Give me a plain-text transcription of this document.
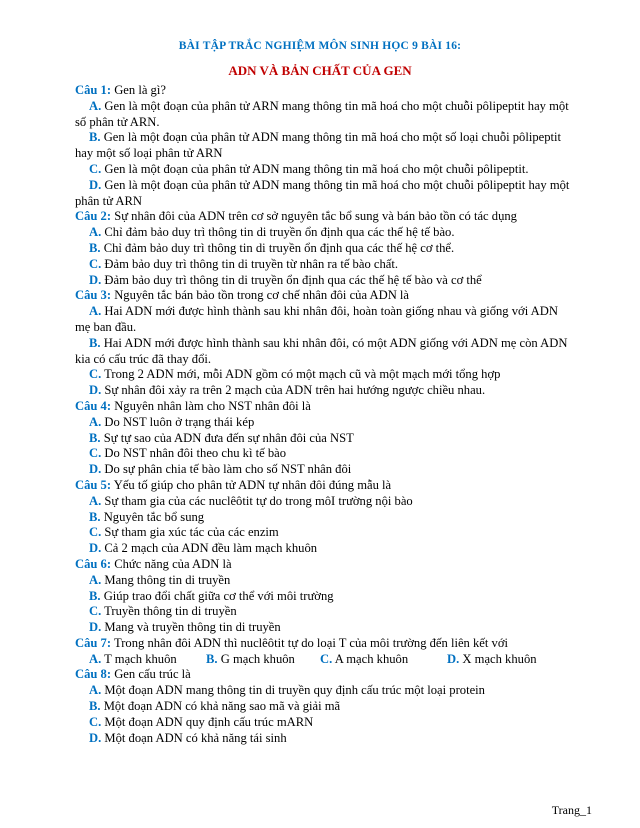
BÀI TẬP TRẮC NGHIỆM MÔN SINH HỌC 9 BÀI 16:
ADN VÀ BẢN CHẤT CỦA GEN
Câu 1: Gen là gì?
A. Gen là một đoạn của phân tử ARN mang thông tin mã hoá cho một chuỗi pôlipeptit hay một số phân tử ARN.
B. Gen là một đoạn của phân tử ADN mang thông tin mã hoá cho một số loại chuỗi pôlipeptit hay một số loại phân tử ARN
C. Gen là một đoạn của phân tử ADN mang thông tin mã hoá cho một chuỗi pôlipeptit.
D. Gen là một đoạn của phân tử ADN mang thông tin mã hoá cho một chuỗi pôlipeptit hay một phân tử ARN
Câu 2: Sự nhân đôi của ADN trên cơ sở nguyên tắc bổ sung và bán bảo tồn có tác dụng
A. Chỉ đảm bảo duy trì thông tin di truyền ổn định qua các thế hệ tế bào.
B. Chỉ đảm bảo duy trì thông tin di truyền ổn định qua các thế hệ cơ thể.
C. Đảm bảo duy trì thông tin di truyền từ nhân ra tế bào chất.
D. Đảm bảo duy trì thông tin di truyền ổn định qua các thế hệ tế bào và cơ thể
Câu 3: Nguyên tắc bán bảo tồn trong cơ chế nhân đôi của ADN là
A. Hai ADN mới được hình thành sau khi nhân đôi, hoàn toàn giống nhau và giống với ADN mẹ ban đầu.
B. Hai ADN mới được hình thành sau khi nhân đôi, có một ADN giống với ADN mẹ còn ADN kia có cấu trúc đã thay đổi.
C. Trong 2 ADN mới, mỗi ADN gồm có một mạch cũ và một mạch mới tổng hợp
D. Sự nhân đôi xảy ra trên 2 mạch của ADN trên hai hướng ngược chiều nhau.
Câu 4: Nguyên nhân làm cho NST nhân đôi là
A. Do NST luôn ở trạng thái kép
B. Sự tự sao của ADN đưa đến sự nhân đôi của NST
C. Do NST nhân đôi theo chu kì tế bào
D. Do sự phân chia tế bào làm cho số NST nhân đôi
Câu 5: Yếu tố giúp cho phân tử ADN tự nhân đôi đúng mẫu là
A. Sự tham gia của các nuclêôtit tự do trong môI trường nội bào
B. Nguyên tắc bổ sung
C. Sự tham gia xúc tác của các enzim
D. Cả 2 mạch của ADN đều làm mạch khuôn
Câu 6: Chức năng của ADN là
A. Mang thông tin di truyền
B. Giúp trao đổi chất giữa cơ thể với môi trường
C. Truyền thông tin di truyền
D. Mang và truyền thông tin di truyền
Câu 7: Trong nhân đôi ADN thì nuclêôtit tự do loại T của môi trường đến liên kết với
A. T mạch khuôn	B. G mạch khuôn	C. A mạch khuôn	D. X mạch khuôn
Câu 8: Gen cấu trúc là
A. Một đoạn ADN mang thông tin di truyền quy định cấu trúc một loại protein
B. Một đoạn ADN có khả năng sao mã và giải mã
C. Một đoạn ADN quy định cấu trúc mARN
D. Một đoạn ADN có khả năng tái sinh
Trang_1
